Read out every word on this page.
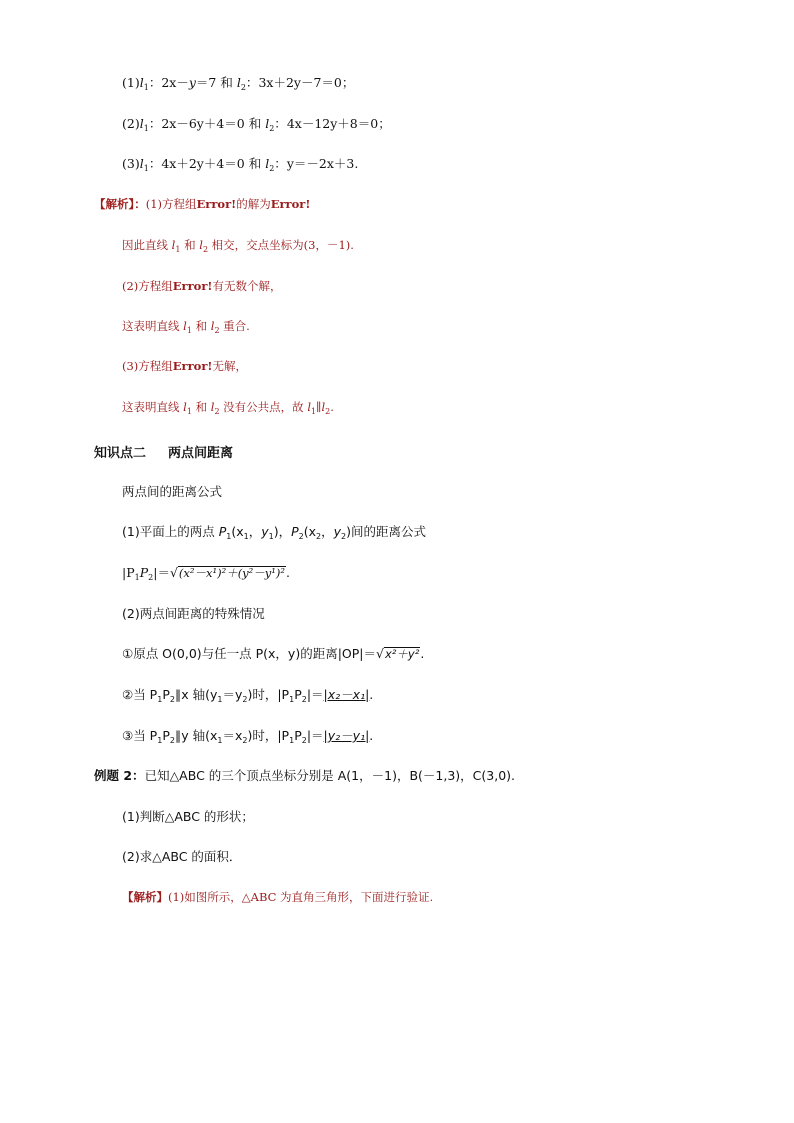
$(1)l_1$：2x－y＝7 和 $l_2$：3x＋2y－7＝0；
$(2)l_1$：2x－6y＋4＝0 和 $l_2$：4x－12y＋8＝0；
$(3)l_1$：4x＋2y＋4＝0 和 $l_2$：y＝－2x＋3.
【解析】：(1)方程组Error!的解为Error!
因此直线 $l_1$ 和 $l_2$ 相交，交点坐标为(3，－1).
(2)方程组Error!有无数个解，
这表明直线 $l_1$ 和 $l_2$ 重合.
(3)方程组Error!无解，
这表明直线 $l_1$ 和 $l_2$ 没有公共点，故 $l_1\parallel l_2$.
知识点二 两点间距离
两点间的距离公式
(1)平面上的两点 $P_1(x_1$，$y_1$)，$P_2(x_2$，$y_2$)间的距离公式
$|P_1P_2|=√(x^2-x^1)^2+(y^2-y^1)^2$.
(2)两点间距离的特殊情况
①原点 O(0,0)与任一点 P(x，y)的距离|OP|＝√x²＋y².
②当 $P_1P_2\parallel x$ 轴$(y_1=y_2)$时，$|P_1P_2|=|x_2-x_1|$.
③当 $P_1P_2\parallel y$ 轴$(x_1=x_2)$时，$|P_1P_2|=|y_2-y_1|$.
例题 2：已知△ABC 的三个顶点坐标分别是 A(1，－1)，B(－1,3)，C(3,0).
(1)判断△ABC 的形状；
(2)求△ABC 的面积．
【解析】(1)如图所示，△ABC 为直角三角形，下面进行验证.
